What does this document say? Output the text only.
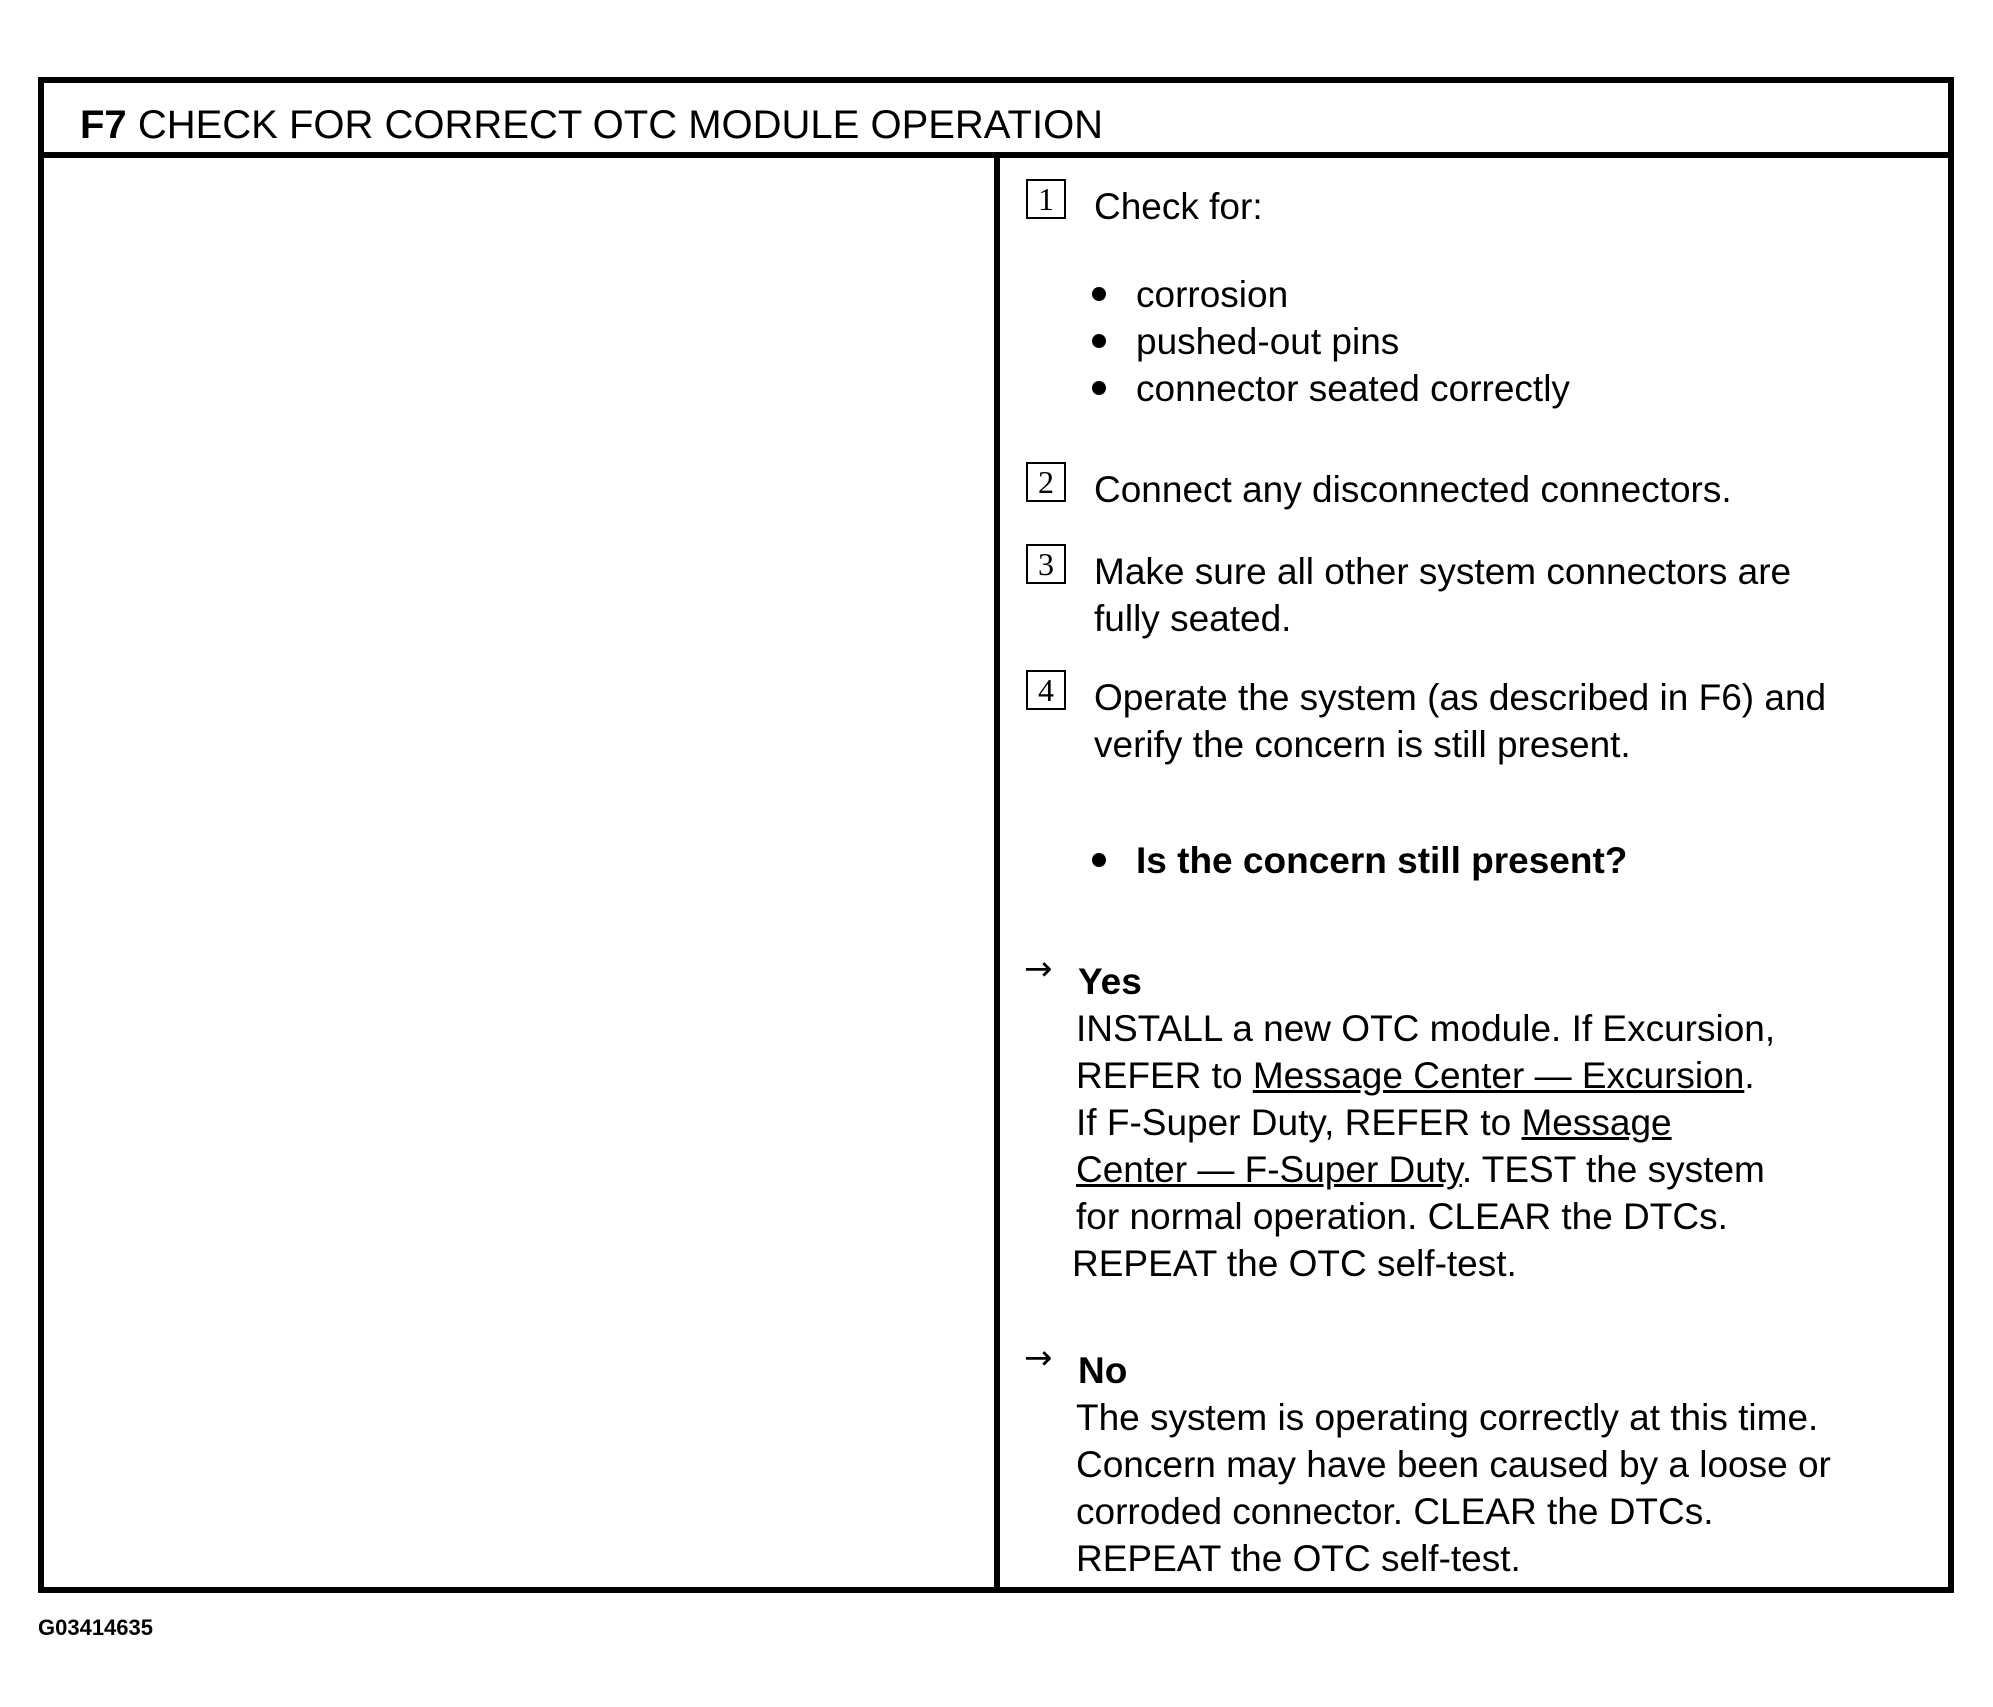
F7 CHECK FOR CORRECT OTC MODULE OPERATION
1	Check for:
corrosion
pushed-out pins
connector seated correctly
2	Connect any disconnected connectors.
3	Make sure all other system connectors are
fully seated.
4	Operate the system (as described in F6) and
verify the concern is still present.
Is the concern still present?
→ Yes
INSTALL a new OTC module. If Excursion,
REFER to Message Center — Excursion.
If F-Super Duty, REFER to Message
Center — F-Super Duty. TEST the system
for normal operation. CLEAR the DTCs.
REPEAT the OTC self-test.
→ No
The system is operating correctly at this time.
Concern may have been caused by a loose or
corroded connector. CLEAR the DTCs.
REPEAT the OTC self-test.
G03414635
